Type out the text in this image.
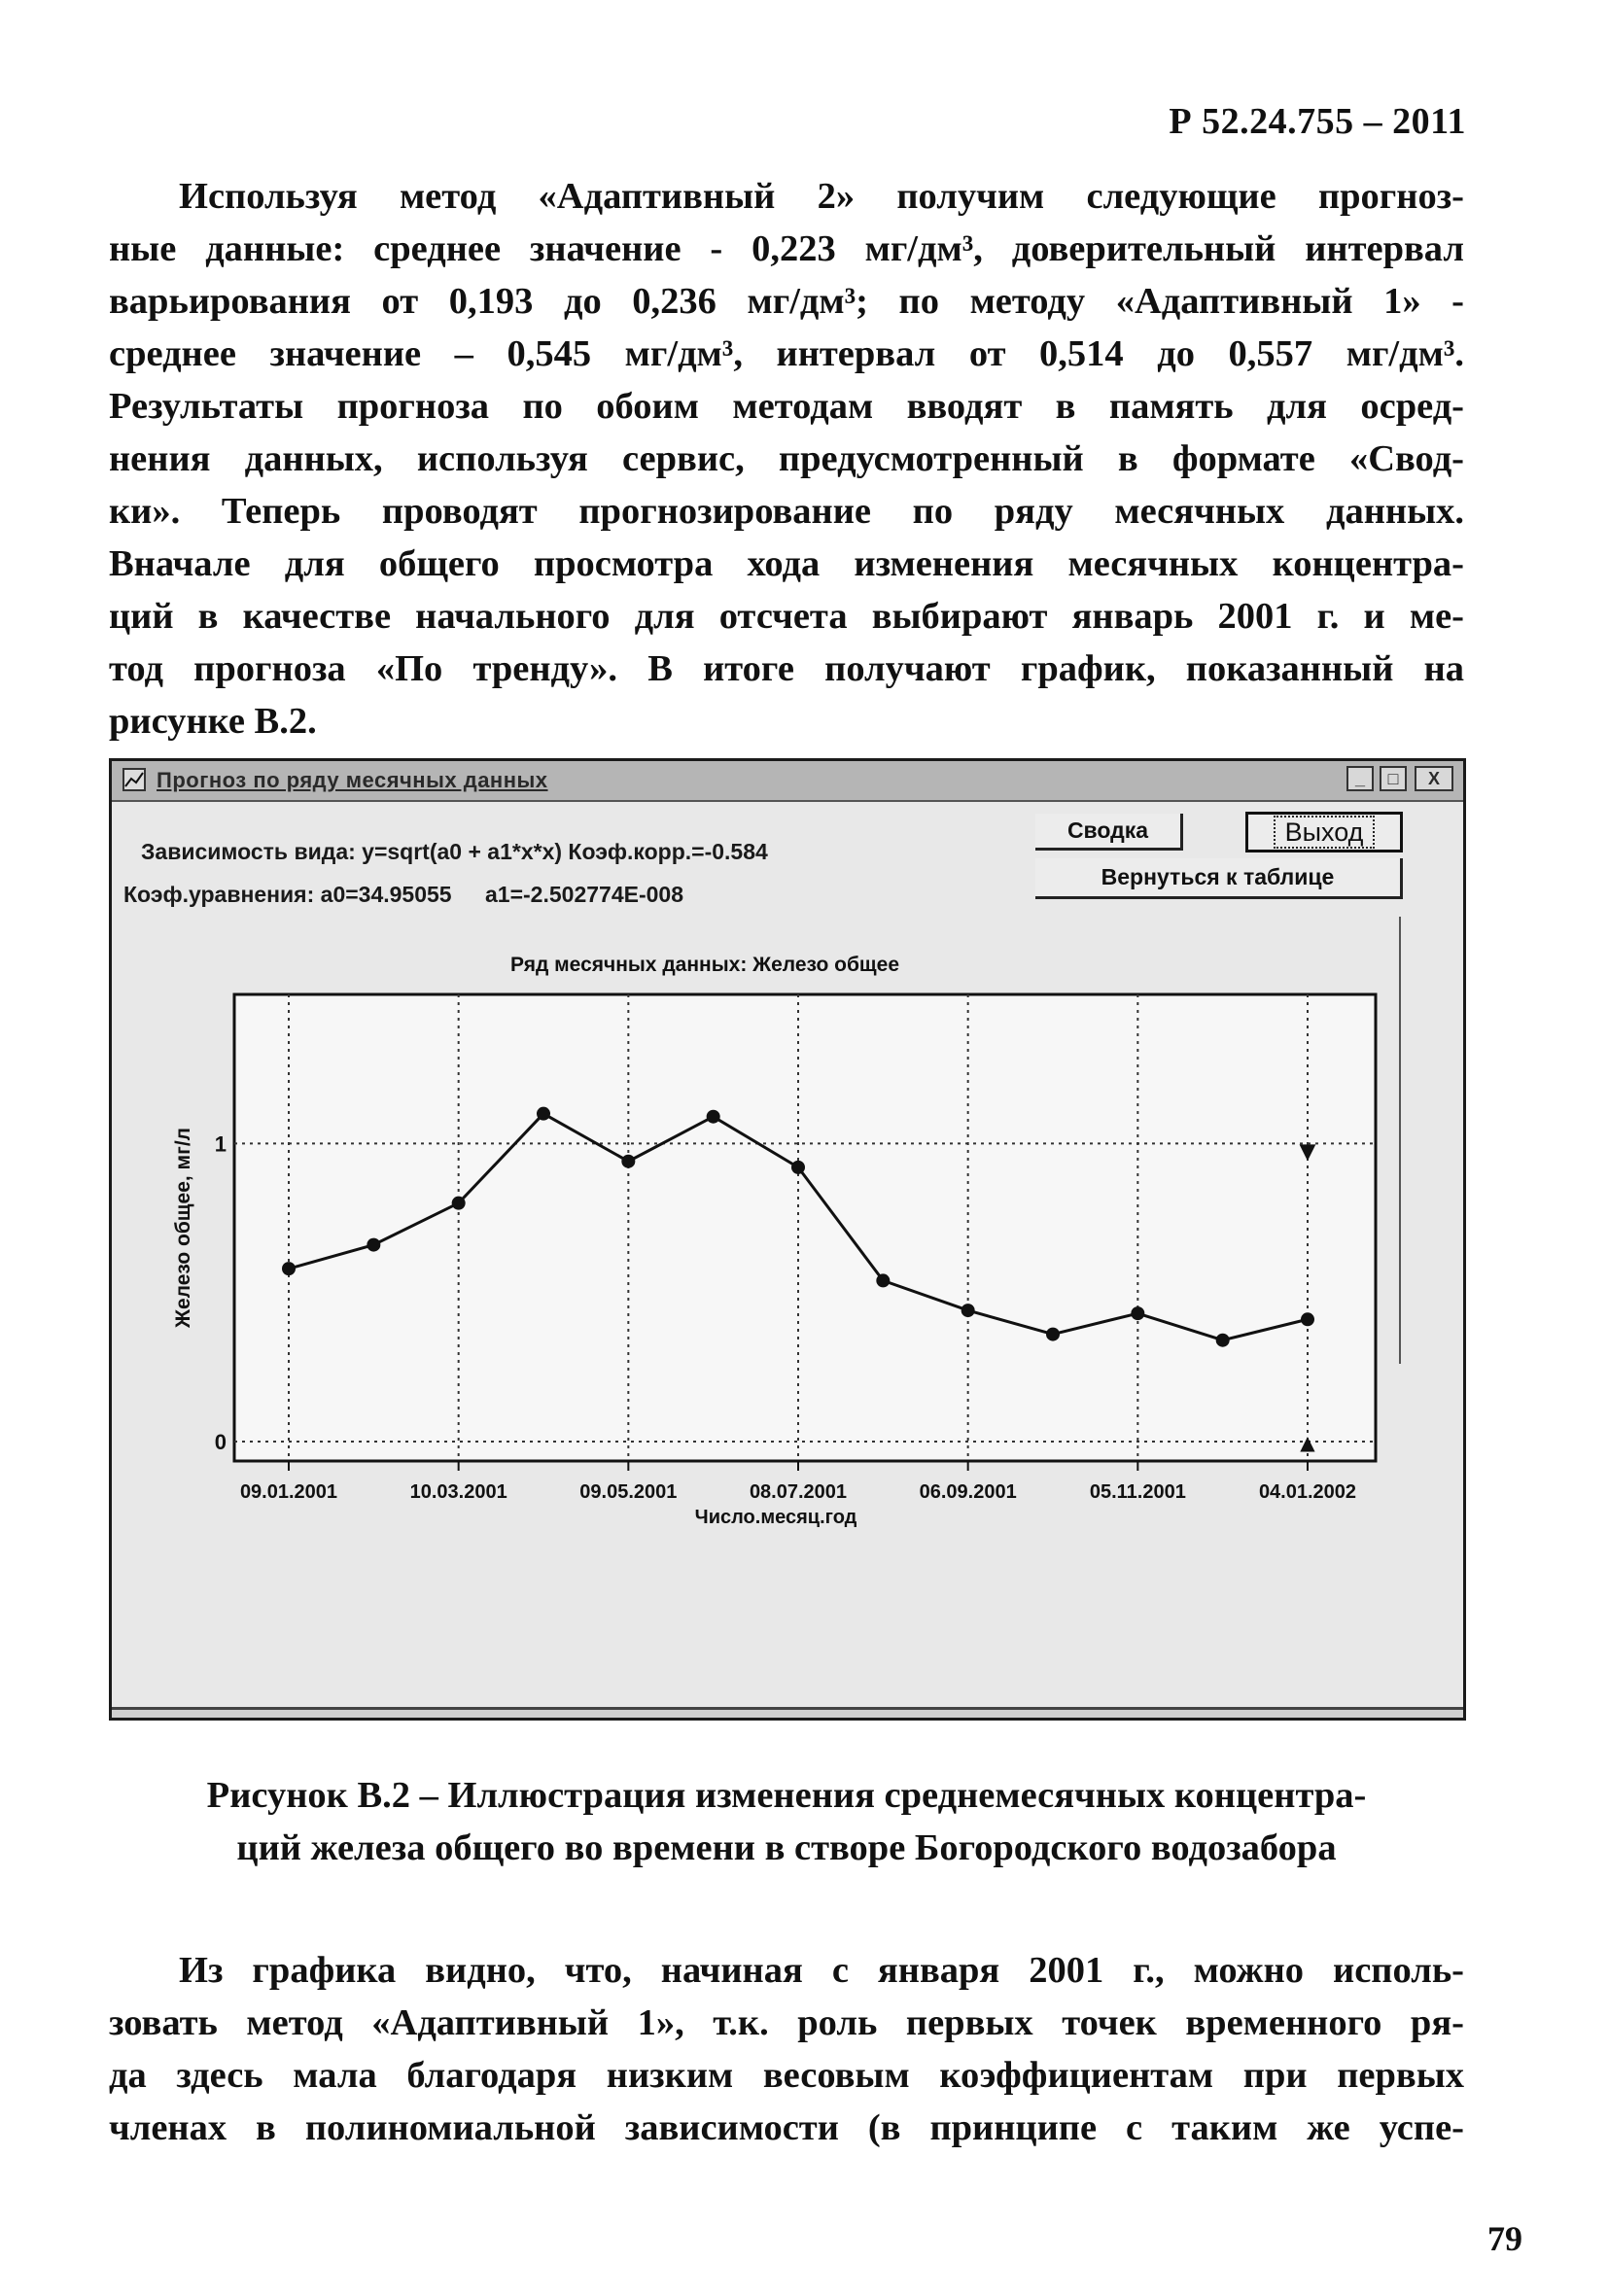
Р 52.24.755 – 2011
Используя метод «Адаптивный 2» получим следующие прогноз-
ные данные: среднее значение - 0,223 мг/дм³, доверительный интервал
варьирования от 0,193 до 0,236 мг/дм³; по методу «Адаптивный 1» -
среднее значение – 0,545 мг/дм³, интервал от 0,514 до 0,557 мг/дм³.
Результаты прогноза по обоим методам вводят в память для осред-
нения данных, используя сервис, предусмотренный в формате «Свод-
ки». Теперь проводят прогнозирование по ряду месячных данных.
Вначале для общего просмотра хода изменения месячных концентра-
ций в качестве начального для отсчета выбирают январь 2001 г. и ме-
тод прогноза «По тренду». В итоге получают график, показанный на
рисунке В.2.
Прогноз по ряду месячных данных	_	□	X
Зависимость вида: y=sqrt(a0 + a1*x*x) Коэф.корр.=-0.584
Коэф.уравнения: a0=34.95055 a1=-2.502774E-008
Сводка	Выход
Вернуться к таблице
Ряд месячных данных: Железо общее
09.01.2001	10.03.2001	09.05.2001	08.07.2001	06.09.2001	05.11.2001	04.01.2002
0
1
Железо общее, мг/л
Число.месяц.год
▼
▲
Рисунок В.2 – Иллюстрация изменения среднемесячных концентра-
ций железа общего во времени в створе Богородского водозабора
Из графика видно, что, начиная с января 2001 г., можно исполь-
зовать метод «Адаптивный 1», т.к. роль первых точек временного ря-
да здесь мала благодаря низким весовым коэффициентам при первых
членах в полиномиальной зависимости (в принципе с таким же успе-
79
